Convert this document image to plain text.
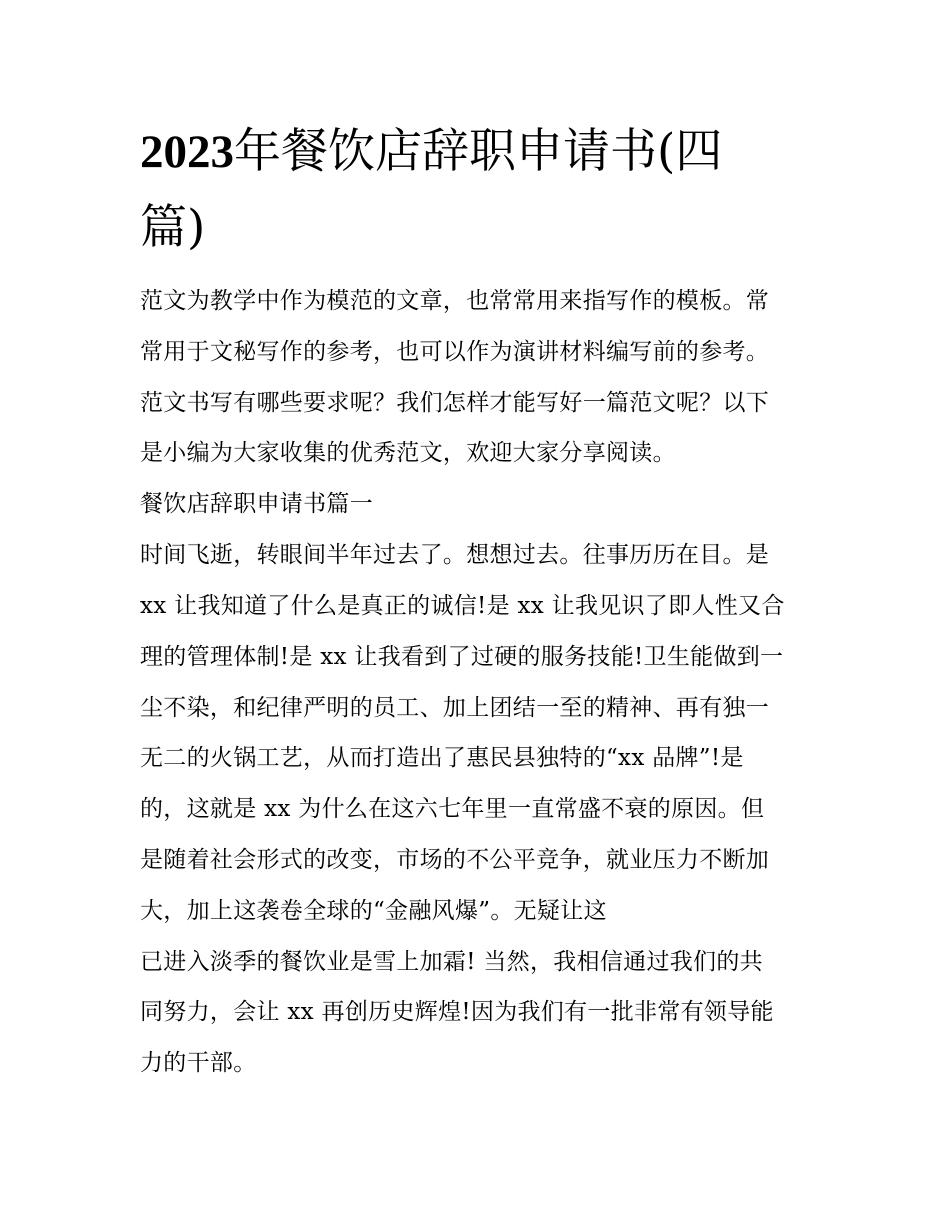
2023年餐饮店辞职申请书(四
篇)

范文为教学中作为模范的文章，也常常用来指写作的模板。常

常用于文秘写作的参考，也可以作为演讲材料编写前的参考。

范文书写有哪些要求呢？我们怎样才能写好一篇范文呢？以下

是小编为大家收集的优秀范文，欢迎大家分享阅读。

餐饮店辞职申请书篇一

时间飞逝，转眼间半年过去了。想想过去。往事历历在目。是

xx 让我知道了什么是真正的诚信!是 xx 让我见识了即人性又合

理的管理体制!是 xx 让我看到了过硬的服务技能!卫生能做到一

尘不染，和纪律严明的员工、加上团结一至的精神、再有独一

无二的火锅工艺，从而打造出了惠民县独特的“xx 品牌”!是

的，这就是 xx 为什么在这六七年里一直常盛不衰的原因。但

是随着社会形式的改变，市场的不公平竞争，就业压力不断加

大，加上这袭卷全球的“金融风爆”。无疑让这

已进入淡季的餐饮业是雪上加霜! 当然，我相信通过我们的共

同努力，会让 xx 再创历史辉煌!因为我们有一批非常有领导能

力的干部。
